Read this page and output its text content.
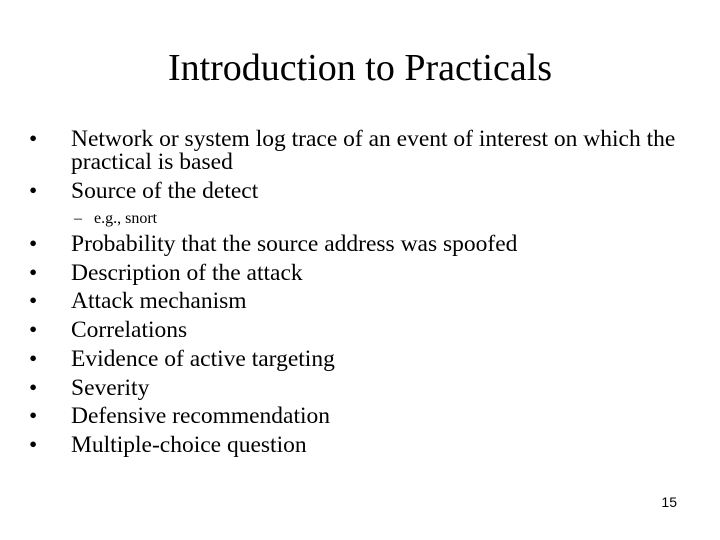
Introduction to Practicals
•	Network or system log trace of an event of interest on which the practical is based
•	Source of the detect
– e.g., snort
•	Probability that the source address was spoofed
•	Description of the attack
•	Attack mechanism
•	Correlations
•	Evidence of active targeting
•	Severity
•	Defensive recommendation
•	Multiple-choice question
15
